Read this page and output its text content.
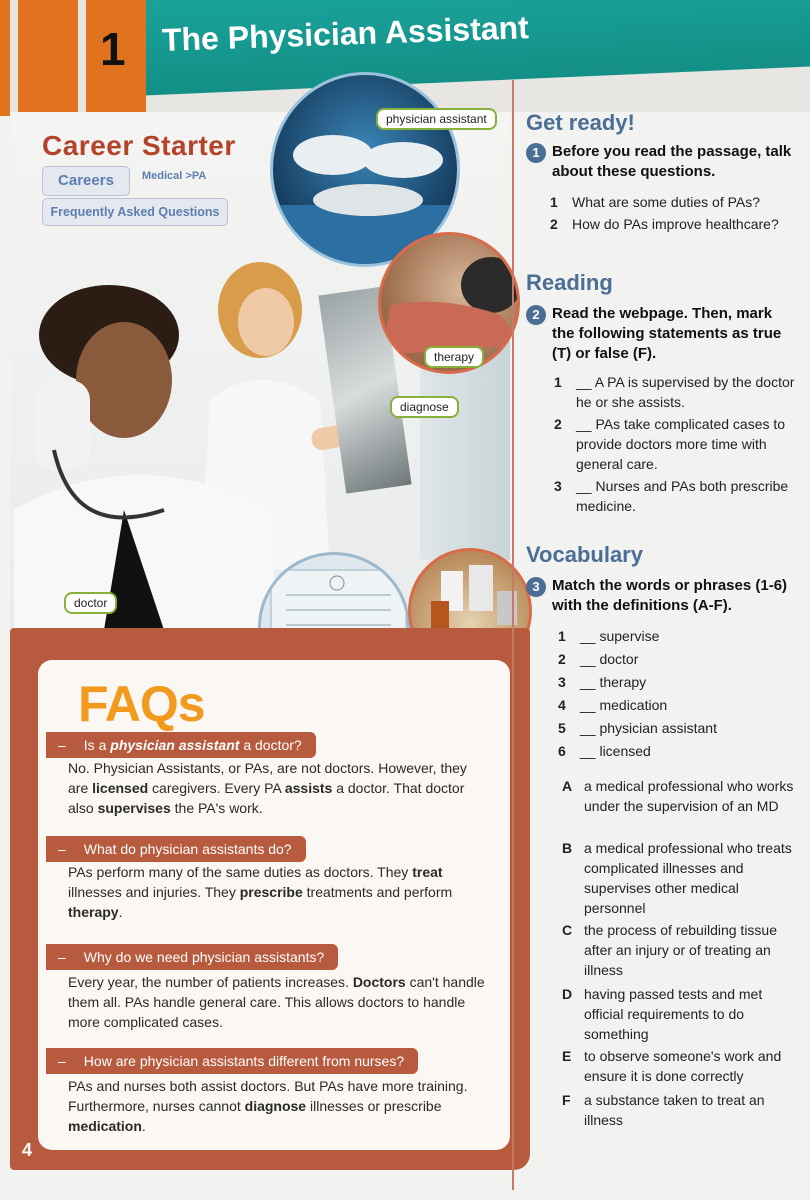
1 The Physician Assistant
Career Starter
Careers	Medical >PA
Frequently Asked Questions
physician assistant
therapy
diagnose
doctor
FAQs
– Is a physician assistant a doctor?
No. Physician Assistants, or PAs, are not doctors. However, they are licensed caregivers. Every PA assists a doctor. That doctor also supervises the PA's work.
– What do physician assistants do?
PAs perform many of the same duties as doctors. They treat illnesses and injuries. They prescribe treatments and perform therapy.
– Why do we need physician assistants?
Every year, the number of patients increases. Doctors can't handle them all. PAs handle general care. This allows doctors to handle more complicated cases.
– How are physician assistants different from nurses?
PAs and nurses both assist doctors. But PAs have more training. Furthermore, nurses cannot diagnose illnesses or prescribe medication.
4
Get ready!
1 Before you read the passage, talk about these questions.
1 What are some duties of PAs?
2 How do PAs improve healthcare?
Reading
2 Read the webpage. Then, mark the following statements as true (T) or false (F).
1 __ A PA is supervised by the doctor he or she assists.
2 __ PAs take complicated cases to provide doctors more time with general care.
3 __ Nurses and PAs both prescribe medicine.
Vocabulary
3 Match the words or phrases (1-6) with the definitions (A-F).
1 __ supervise
2 __ doctor
3 __ therapy
4 __ medication
5 __ physician assistant
6 __ licensed
A a medical professional who works under the supervision of an MD
B a medical professional who treats complicated illnesses and supervises other medical personnel
C the process of rebuilding tissue after an injury or of treating an illness
D having passed tests and met official requirements to do something
E to observe someone's work and ensure it is done correctly
F a substance taken to treat an illness
